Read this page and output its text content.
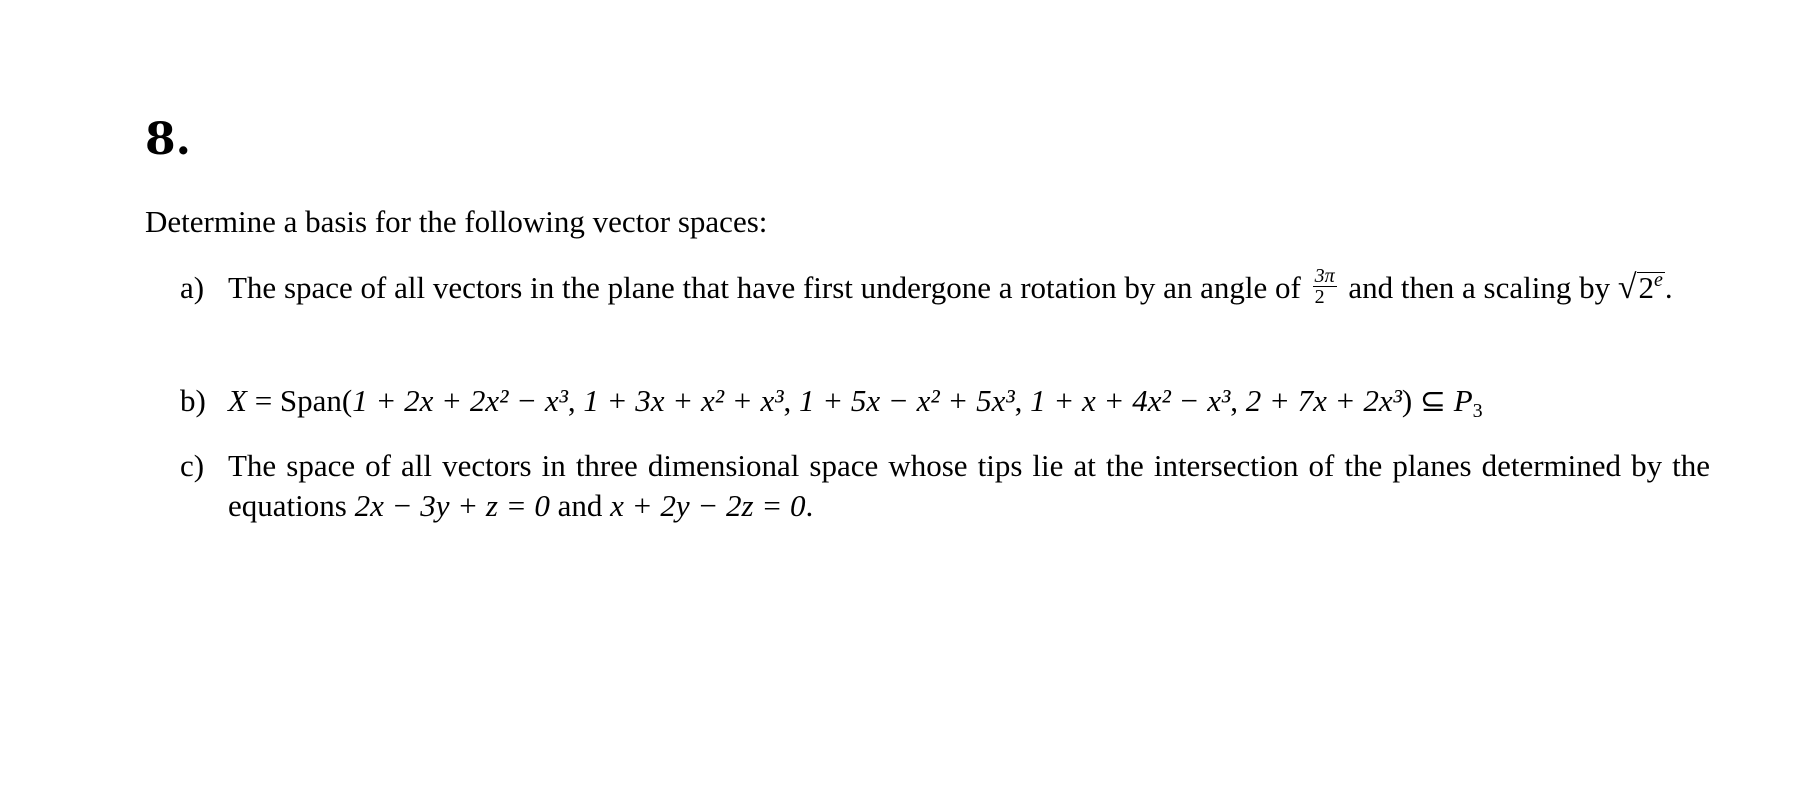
8.
Determine a basis for the following vector spaces:
a) The space of all vectors in the plane that have first undergone a rotation by an angle of $\frac{3\pi}{2}$ and then a scaling by √2e.
b) X = Span(1 + 2x + 2x² − x³, 1 + 3x + x² + x³, 1 + 5x − x² + 5x³, 1 + x + 4x² − x³, 2 + 7x + 2x³) ⊆ $P_3$
c) The space of all vectors in three dimensional space whose tips lie at the intersection of the planes determined by the equations 2x − 3y + z = 0 and x + 2y − 2z = 0.
